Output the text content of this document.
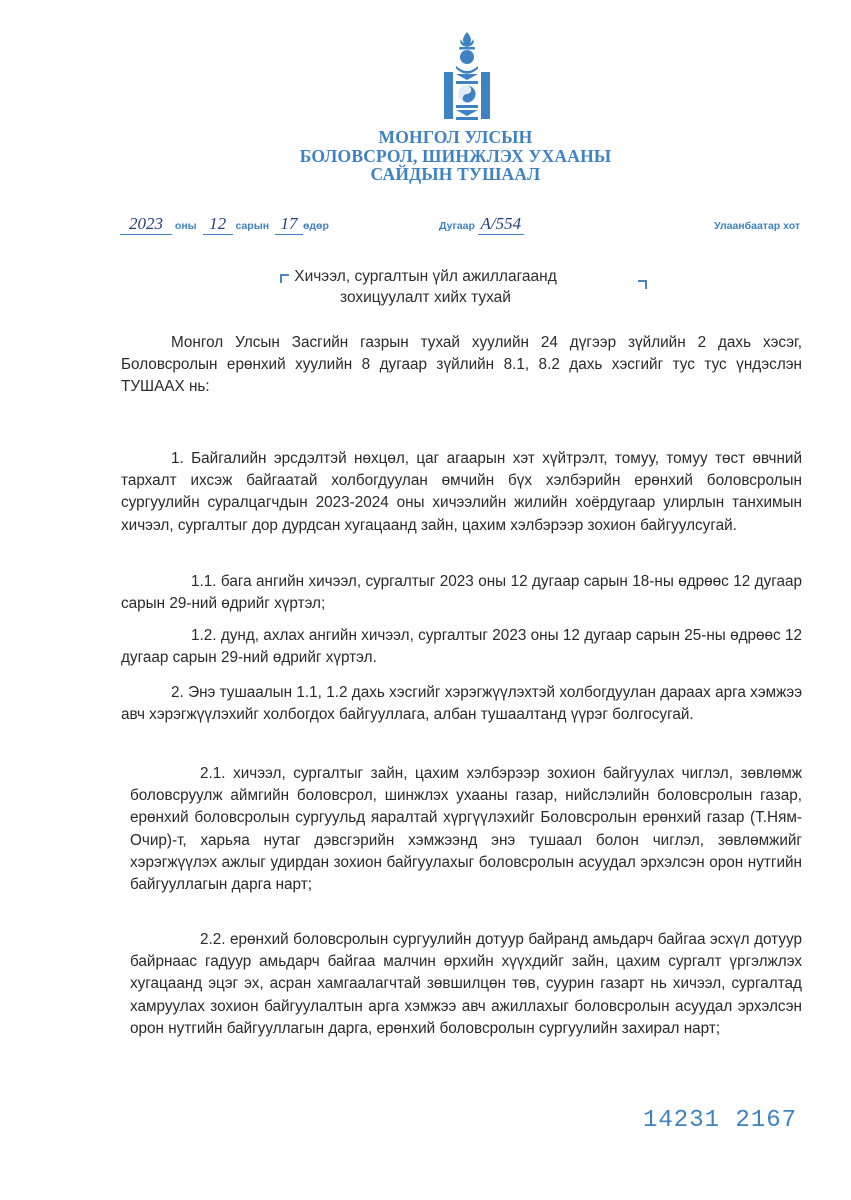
МОНГОЛ УЛСЫН
БОЛОВСРОЛ, ШИНЖЛЭХ УХААНЫ
САЙДЫН ТУШААЛ
2023 оны 12 сарын 17 өдөр	Дугаар А/554	Улаанбаатар хот
Хичээл, сургалтын үйл ажиллагаанд
зохицуулалт хийх тухай

Монгол Улсын Засгийн газрын тухай хуулийн 24 дүгээр зүйлийн 2 дахь хэсэг, Боловсролын ерөнхий хуулийн 8 дугаар зүйлийн 8.1, 8.2 дахь хэсгийг тус тус үндэслэн ТУШААХ нь:

1. Байгалийн эрсдэлтэй нөхцөл, цаг агаарын хэт хүйтрэлт, томуу, томуу төст өвчний тархалт ихсэж байгаатай холбогдуулан өмчийн бүх хэлбэрийн ерөнхий боловсролын сургуулийн суралцагчдын 2023-2024 оны хичээлийн жилийн хоёрдугаар улирлын танхимын хичээл, сургалтыг дор дурдсан хугацаанд зайн, цахим хэлбэрээр зохион байгуулсугай.

1.1. бага ангийн хичээл, сургалтыг 2023 оны 12 дугаар сарын 18-ны өдрөөс 12 дугаар сарын 29-ний өдрийг хүртэл;

1.2. дунд, ахлах ангийн хичээл, сургалтыг 2023 оны 12 дугаар сарын 25-ны өдрөөс 12 дугаар сарын 29-ний өдрийг хүртэл.

2. Энэ тушаалын 1.1, 1.2 дахь хэсгийг хэрэгжүүлэхтэй холбогдуулан дараах арга хэмжээ авч хэрэгжүүлэхийг холбогдох байгууллага, албан тушаалтанд үүрэг болгосугай.

2.1. хичээл, сургалтыг зайн, цахим хэлбэрээр зохион байгуулах чиглэл, зөвлөмж боловсруулж аймгийн боловсрол, шинжлэх ухааны газар, нийслэлийн боловсролын газар, ерөнхий боловсролын сургуульд яаралтай хүргүүлэхийг Боловсролын ерөнхий газар (Т.Ням-Очир)-т, харьяа нутаг дэвсгэрийн хэмжээнд энэ тушаал болон чиглэл, зөвлөмжийг хэрэгжүүлэх ажлыг удирдан зохион байгуулахыг боловсролын асуудал эрхэлсэн орон нутгийн байгууллагын дарга нарт;

2.2. ерөнхий боловсролын сургуулийн дотуур байранд амьдарч байгаа эсхүл дотуур байрнаас гадуур амьдарч байгаа малчин өрхийн хүүхдийг зайн, цахим сургалт үргэлжлэх хугацаанд эцэг эх, асран хамгаалагчтай зөвшилцөн төв, суурин газарт нь хичээл, сургалтад хамруулах зохион байгуулалтын арга хэмжээ авч ажиллахыг боловсролын асуудал эрхэлсэн орон нутгийн байгууллагын дарга, ерөнхий боловсролын сургуулийн захирал нарт;

14231 2167
